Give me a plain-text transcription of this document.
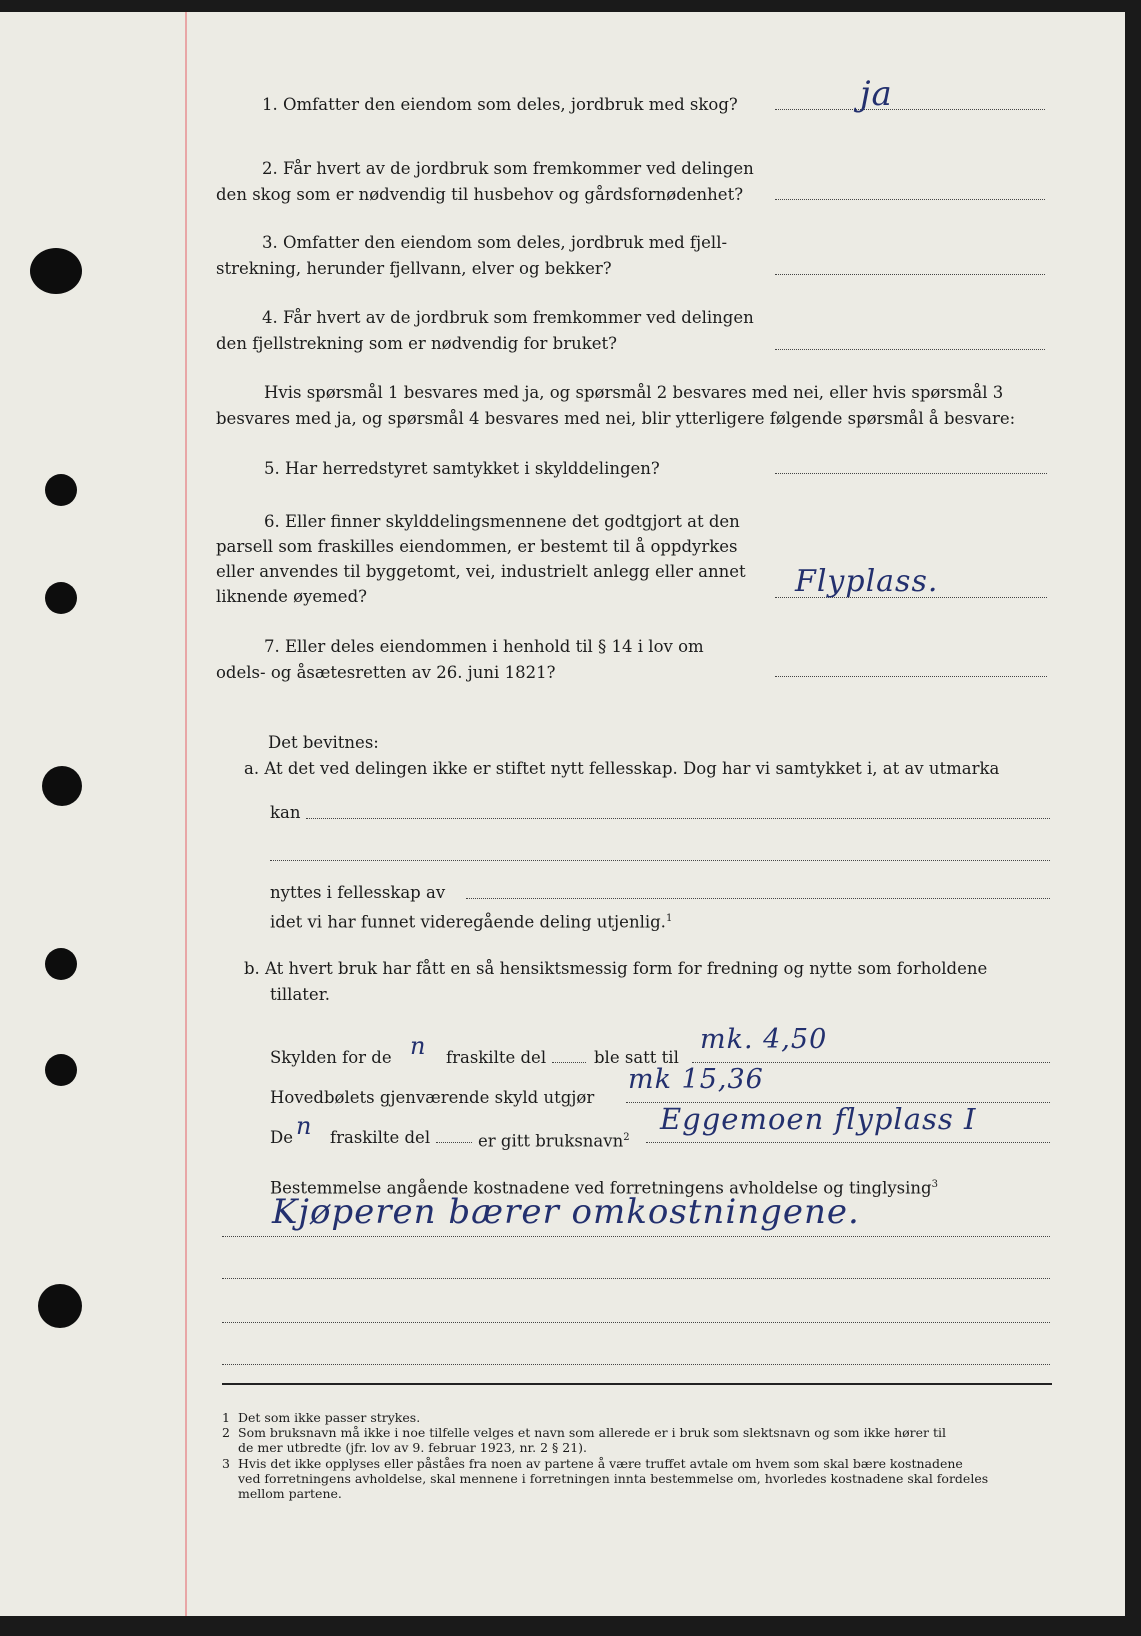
1. Omfatter den eiendom som deles, jordbruk med skog?	ja
2. Får hvert av de jordbruk som fremkommer ved delingen
den skog som er nødvendig til husbehov og gårdsfornødenhet?
3. Omfatter den eiendom som deles, jordbruk med fjell-
strekning, herunder fjellvann, elver og bekker?
4. Får hvert av de jordbruk som fremkommer ved delingen
den fjellstrekning som er nødvendig for bruket?
Hvis spørsmål 1 besvares med ja, og spørsmål 2 besvares med nei, eller hvis spørsmål 3
besvares med ja, og spørsmål 4 besvares med nei, blir ytterligere følgende spørsmål å besvare:
5. Har herredstyret samtykket i skylddelingen?
6. Eller finner skylddelingsmennene det godtgjort at den
parsell som fraskilles eiendommen, er bestemt til å oppdyrkes
eller anvendes til byggetomt, vei, industrielt anlegg eller annet
liknende øyemed?	Flyplass.
7. Eller deles eiendommen i henhold til § 14 i lov om
odels- og åsætesretten av 26. juni 1821?
Det bevitnes:
a. At det ved delingen ikke er stiftet nytt fellesskap. Dog har vi samtykket i, at av utmarka
kan
nyttes i fellesskap av
idet vi har funnet videregående deling utjenlig.$^1$
b. At hvert bruk har fått en så hensiktsmessig form for fredning og nytte som forholdene
tillater.
Skylden for de n fraskilte del	ble satt til
mk. 4,50
Hovedbølets gjenværende skyld utgjør
mk 15,36
De n fraskilte del	er gitt bruksnavn$^2$
Eggemoen flyplass I
Bestemmelse angående kostnadene ved forretningens avholdelse og tinglysing$^3$
Kjøperen bærer omkostningene.
1 Det som ikke passer strykes.
2 Som bruksnavn må ikke i noe tilfelle velges et navn som allerede er i bruk som slektsnavn og som ikke hører til
de mer utbredte (jfr. lov av 9. februar 1923, nr. 2 § 21).
3 Hvis det ikke opplyses eller påståes fra noen av partene å være truffet avtale om hvem som skal bære kostnadene
ved forretningens avholdelse, skal mennene i forretningen innta bestemmelse om, hvorledes kostnadene skal fordeles
mellom partene.
